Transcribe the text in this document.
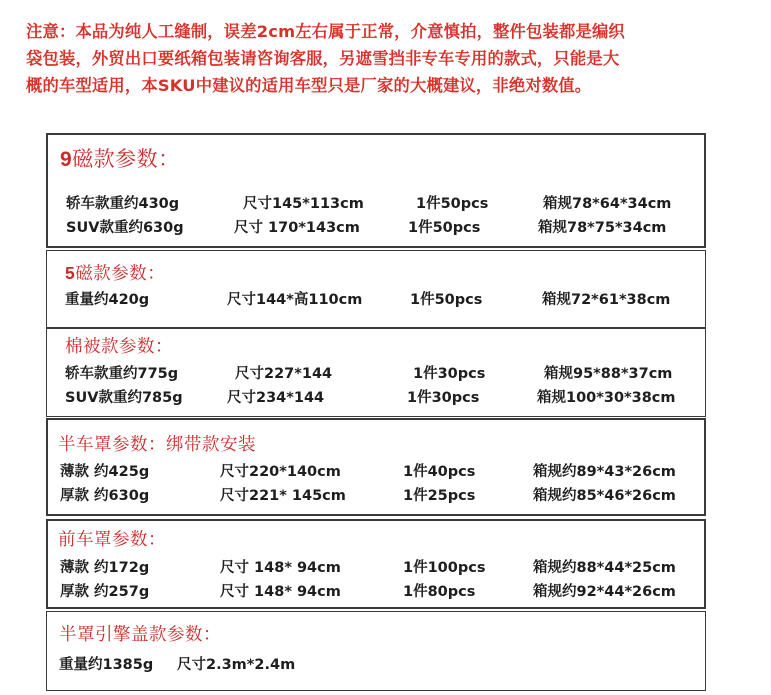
注意：本品为纯人工缝制，误差2cm左右属于正常，介意慎拍，整件包装都是编织
袋包装，外贸出口要纸箱包装请咨询客服，另遮雪挡非专车专用的款式，只能是大
概的车型适用，本SKU中建议的适用车型只是厂家的大概建议，非绝对数值。
9磁款参数：
轿车款重约430g	尺寸145*113cm	1件50pcs	箱规78*64*34cm
SUV款重约630g	尺寸 170*143cm	1件50pcs	箱规78*75*34cm
5磁款参数：
重量约420g	尺寸144*高110cm	1件50pcs	箱规72*61*38cm
棉被款参数：
轿车款重约775g	尺寸227*144	1件30pcs	箱规95*88*37cm
SUV款重约785g	尺寸234*144	1件30pcs	箱规100*30*38cm
半车罩参数：绑带款安装
薄款 约425g	尺寸220*140cm	1件40pcs	箱规约89*43*26cm
厚款 约630g	尺寸221* 145cm	1件25pcs	箱规约85*46*26cm
前车罩参数：
薄款 约172g	尺寸 148* 94cm	1件100pcs	箱规约88*44*25cm
厚款 约257g	尺寸 148* 94cm	1件80pcs	箱规约92*44*26cm
半罩引擎盖款参数：
重量约1385g 尺寸2.3m*2.4m
